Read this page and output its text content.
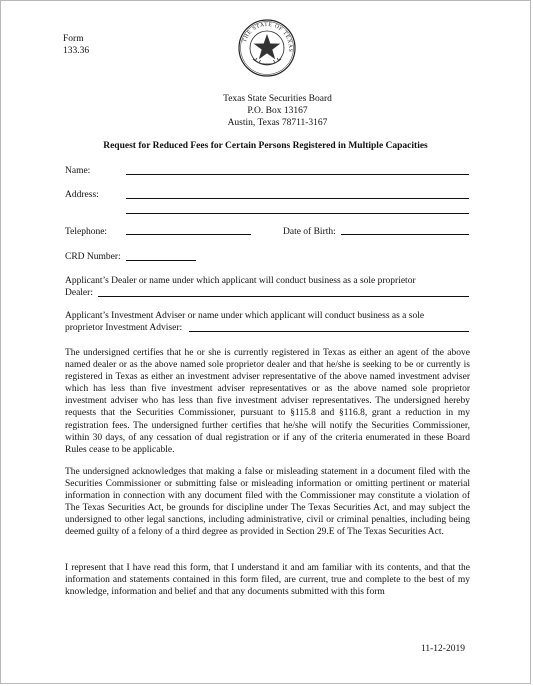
Form
133.36
THE STATE OF TEXAS
Texas State Securities Board
P.O. Box 13167
Austin, Texas 78711-3167
Request for Reduced Fees for Certain Persons Registered in Multiple Capacities
Name:
Address:
Telephone:	Date of Birth:
CRD Number:
Applicant’s Dealer or name under which applicant will conduct business as a sole proprietor
Dealer:
Applicant’s Investment Adviser or name under which applicant will conduct business as a sole
proprietor Investment Adviser:
The undersigned certifies that he or she is currently registered in Texas as either an agent of the above named dealer or as the above named sole proprietor dealer and that he/she is seeking to be or currently is registered in Texas as either an investment adviser representative of the above named investment adviser which has less than five investment adviser representatives or as the above named sole proprietor investment adviser who has less than five investment adviser representatives. The undersigned hereby requests that the Securities Commissioner, pursuant to §115.8 and §116.8, grant a reduction in my registration fees. The undersigned further certifies that he/she will notify the Securities Commissioner, within 30 days, of any cessation of dual registration or if any of the criteria enumerated in these Board Rules cease to be applicable.
The undersigned acknowledges that making a false or misleading statement in a document filed with the Securities Commissioner or submitting false or misleading information or omitting pertinent or material information in connection with any document filed with the Commissioner may constitute a violation of The Texas Securities Act, be grounds for discipline under The Texas Securities Act, and may subject the undersigned to other legal sanctions, including administrative, civil or criminal penalties, including being deemed guilty of a felony of a third degree as provided in Section 29.E of The Texas Securities Act.
I represent that I have read this form, that I understand it and am familiar with its contents, and that the information and statements contained in this form filed, are current, true and complete to the best of my knowledge, information and belief and that any documents submitted with this form
11-12-2019
